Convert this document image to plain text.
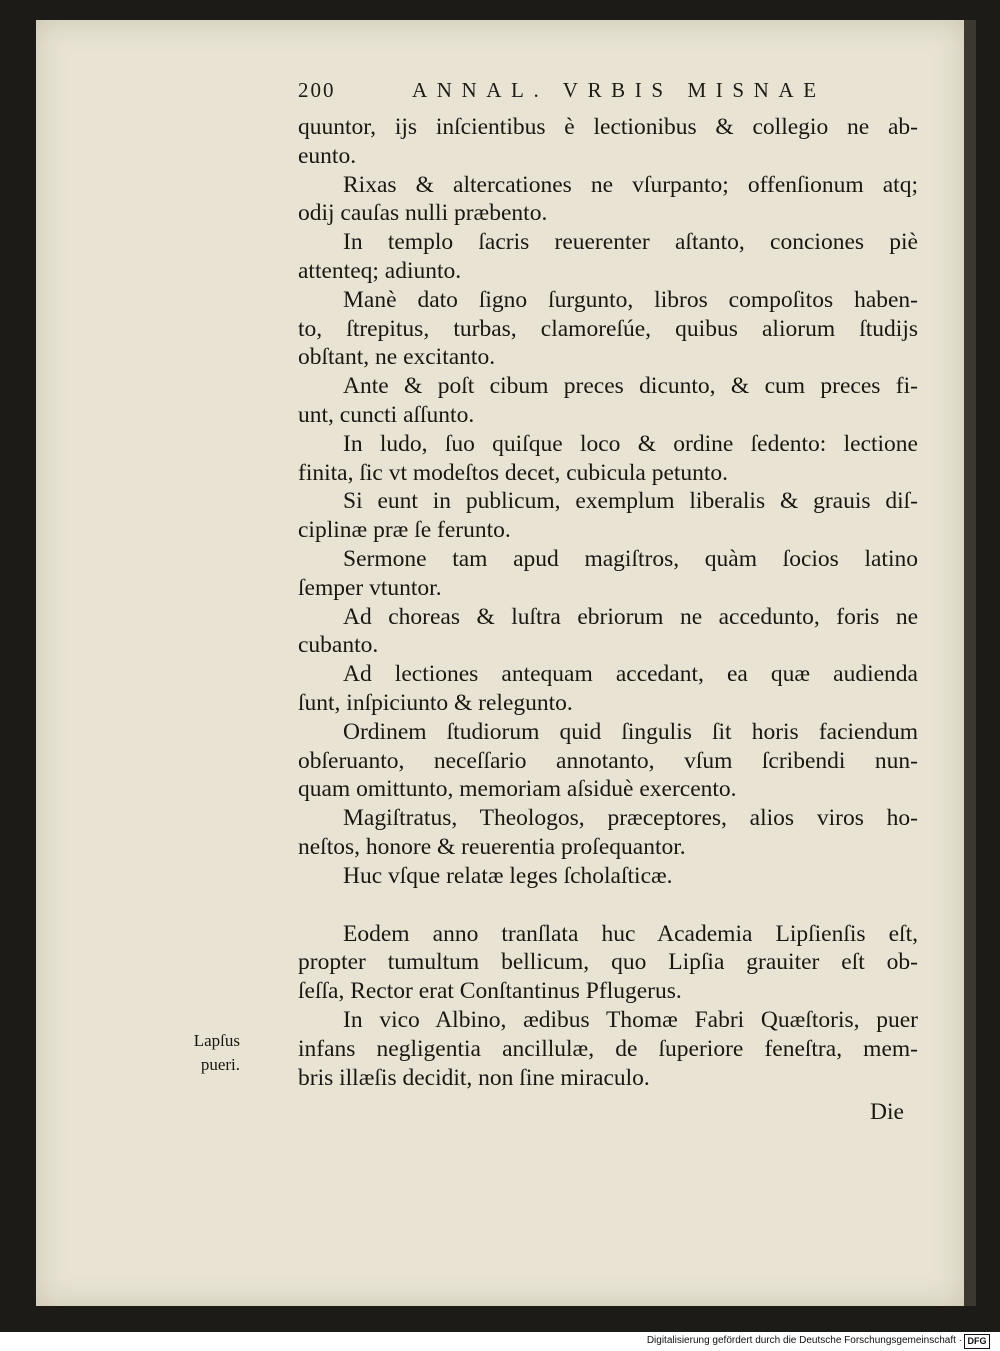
200	ANNAL. VRBIS MISNAE
Lapſus
pueri.
quuntor, ijs inſcientibus è lectionibus & collegio ne ab-
eunto.
Rixas & altercationes ne vſurpanto; offenſionum atq;
odij cauſas nulli præbento.
In templo ſacris reuerenter aſtanto, conciones piè
attenteq; adiunto.
Manè dato ſigno ſurgunto, libros compoſitos haben-
to, ſtrepitus, turbas, clamoreſúe, quibus aliorum ſtudijs
obſtant, ne excitanto.
Ante & poſt cibum preces dicunto, & cum preces fi-
unt, cuncti aſſunto.
In ludo, ſuo quiſque loco & ordine ſedento: lectione
finita, ſic vt modeſtos decet, cubicula petunto.
Si eunt in publicum, exemplum liberalis & grauis diſ-
ciplinæ præ ſe ferunto.
Sermone tam apud magiſtros, quàm ſocios latino
ſemper vtuntor.
Ad choreas & luſtra ebriorum ne accedunto, foris ne
cubanto.
Ad lectiones antequam accedant, ea quæ audienda
ſunt, inſpiciunto & relegunto.
Ordinem ſtudiorum quid ſingulis ſit horis faciendum
obſeruanto, neceſſario annotanto, vſum ſcribendi nun-
quam omittunto, memoriam aſsiduè exercento.
Magiſtratus, Theologos, præceptores, alios viros ho-
neſtos, honore & reuerentia proſequantor.
Huc vſque relatæ leges ſcholaſticæ.
Eodem anno tranſlata huc Academia Lipſienſis eſt,
propter tumultum bellicum, quo Lipſia grauiter eſt ob-
ſeſſa, Rector erat Conſtantinus Pflugerus.
In vico Albino, ædibus Thomæ Fabri Quæſtoris, puer
infans negligentia ancillulæ, de ſuperiore feneſtra, mem-
bris illæſis decidit, non ſine miraculo.
Die
Digitalisierung gefördert durch die Deutsche Forschungsgemeinschaft · DFG
